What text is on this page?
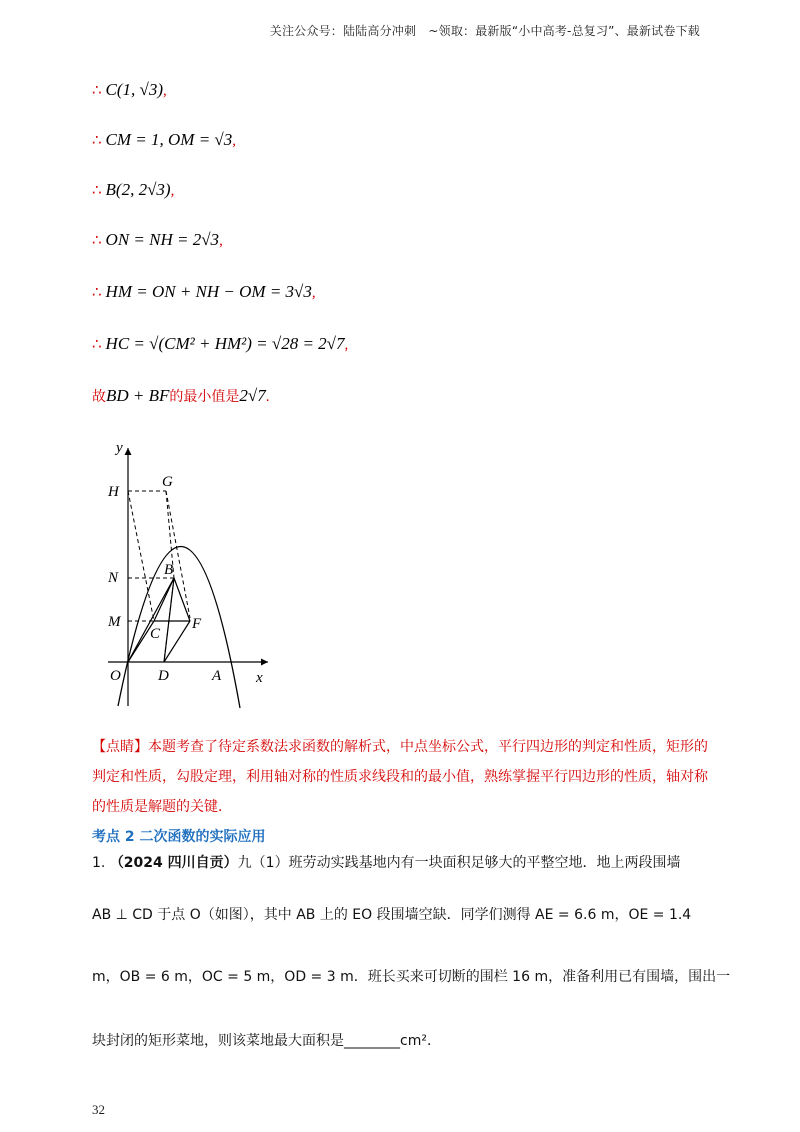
关注公众号：陆陆高分冲刺　~领取：最新版“小中高考-总复习”、最新试卷下载
∴ C(1, √3),
∴ CM = 1, OM = √3,
∴ B(2, 2√3),
∴ ON = NH = 2√3,
∴ HM = ON + NH − OM = 3√3,
∴ HC = √(CM² + HM²) = √28 = 2√7,
故BD + BF的最小值是2√7.
y
x
H
G
N	B
M
C
F
O D	A
【点睛】本题考查了待定系数法求函数的解析式，中点坐标公式，平行四边形的判定和性质，矩形的判定和性质，勾股定理，利用轴对称的性质求线段和的最小值，熟练掌握平行四边形的性质，轴对称的性质是解题的关键．
考点 2 二次函数的实际应用
1. （2024 四川自贡）九（1）班劳动实践基地内有一块面积足够大的平整空地．地上两段围墙
AB ⊥ CD 于点 O（如图），其中 AB 上的 EO 段围墙空缺．同学们测得 AE = 6.6 m，OE = 1.4
m，OB = 6 m，OC = 5 m，OD = 3 m．班长买来可切断的围栏 16 m，准备利用已有围墙，围出一
块封闭的矩形菜地，则该菜地最大面积是________cm²．
32
